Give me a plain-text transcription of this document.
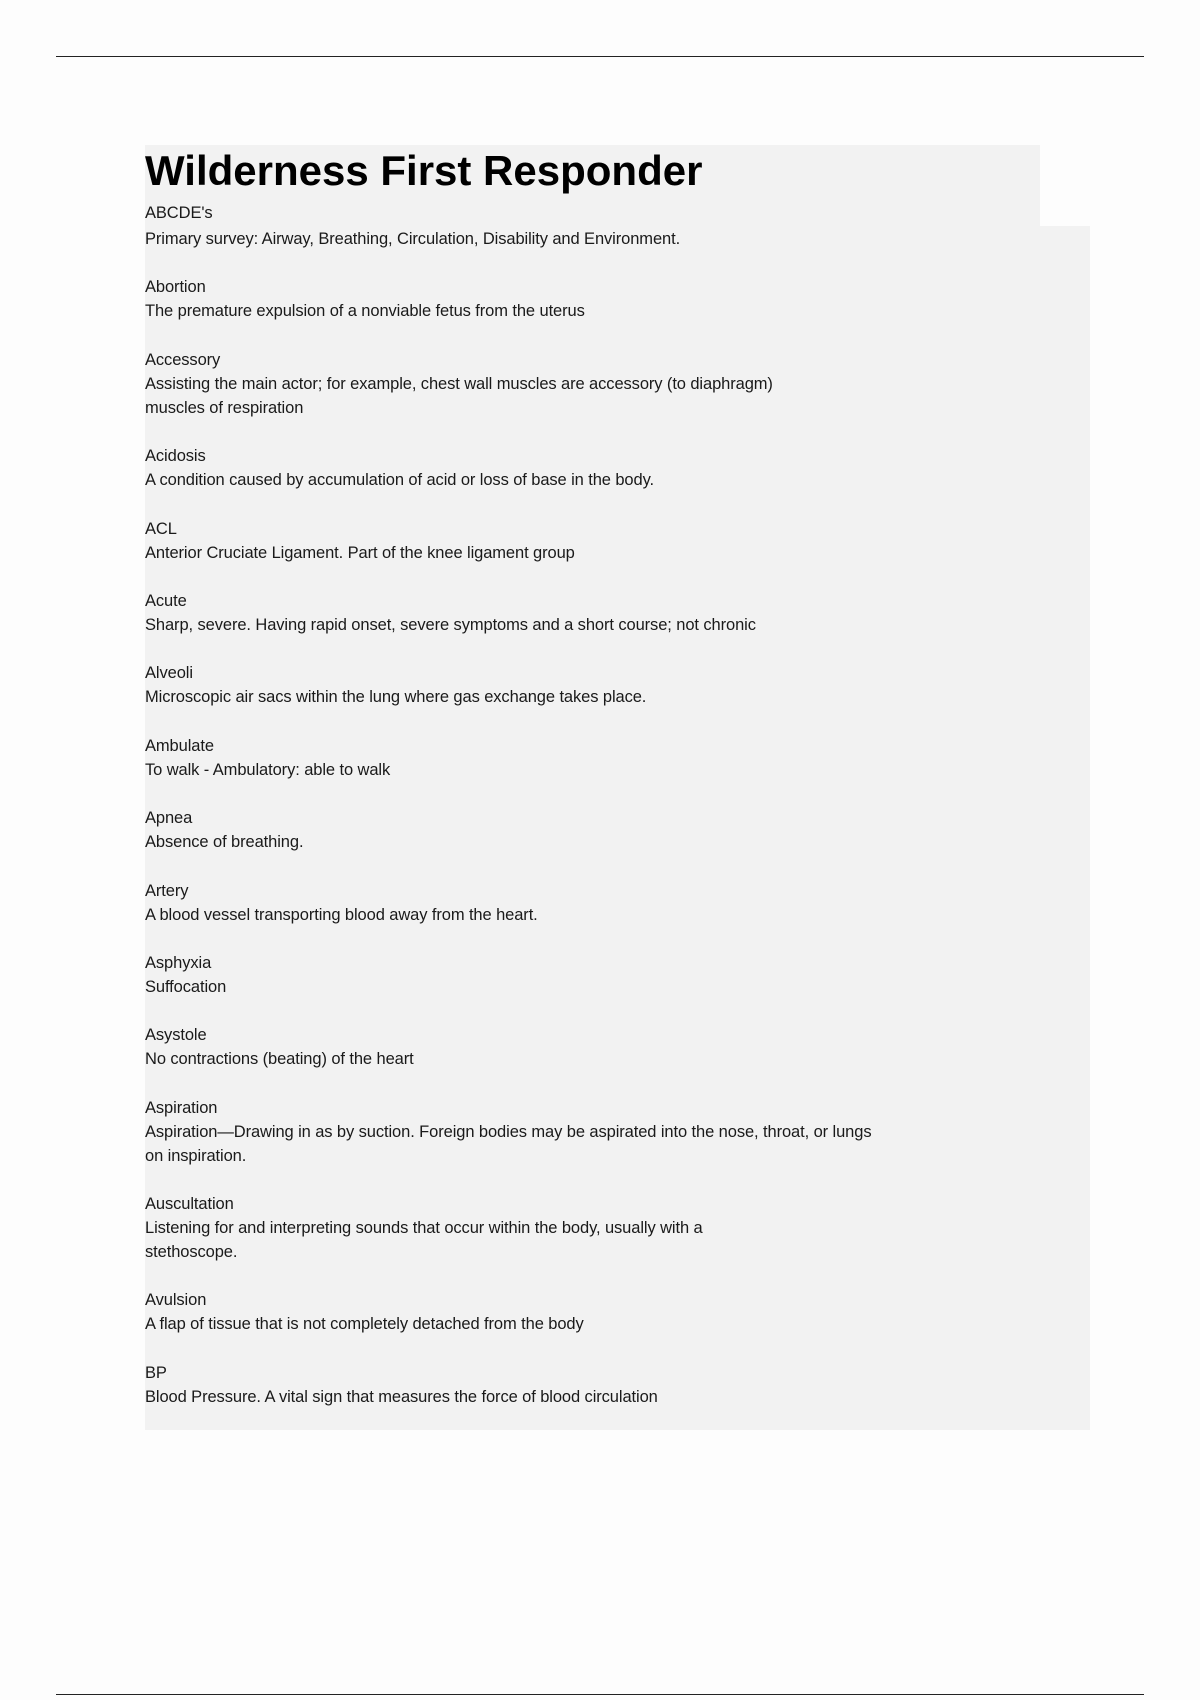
Wilderness First Responder
ABCDE's
Primary survey: Airway, Breathing, Circulation, Disability and Environment.
Abortion
The premature expulsion of a nonviable fetus from the uterus
Accessory
Assisting the main actor; for example, chest wall muscles are accessory (to diaphragm)
muscles of respiration
Acidosis
A condition caused by accumulation of acid or loss of base in the body.
ACL
Anterior Cruciate Ligament. Part of the knee ligament group
Acute
Sharp, severe. Having rapid onset, severe symptoms and a short course; not chronic
Alveoli
Microscopic air sacs within the lung where gas exchange takes place.
Ambulate
To walk - Ambulatory: able to walk
Apnea
Absence of breathing.
Artery
A blood vessel transporting blood away from the heart.
Asphyxia
Suffocation
Asystole
No contractions (beating) of the heart
Aspiration
Aspiration—Drawing in as by suction. Foreign bodies may be aspirated into the nose, throat, or lungs
on inspiration.
Auscultation
Listening for and interpreting sounds that occur within the body, usually with a
stethoscope.
Avulsion
A flap of tissue that is not completely detached from the body
BP
Blood Pressure. A vital sign that measures the force of blood circulation
